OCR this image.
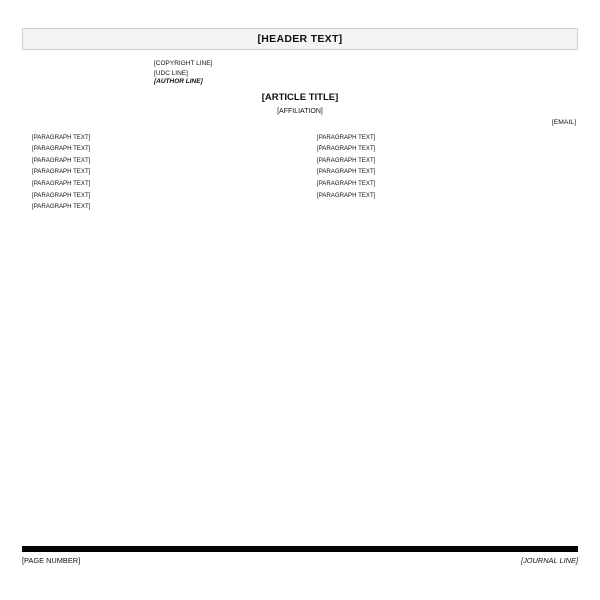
[HEADER TEXT]

[COPYRIGHT LINE]

[UDC LINE]

[AUTHOR LINE]

[ARTICLE TITLE]
[AFFILIATION]
[EMAIL]

[PARAGRAPH TEXT]

[PARAGRAPH TEXT]

[PARAGRAPH TEXT]

[PARAGRAPH TEXT]

[PARAGRAPH TEXT]

[PARAGRAPH TEXT]

[PARAGRAPH TEXT]

[PARAGRAPH TEXT]

[PARAGRAPH TEXT]

[PARAGRAPH TEXT]

[PARAGRAPH TEXT]

[PARAGRAPH TEXT]

[PARAGRAPH TEXT]

[PAGE NUMBER]	[JOURNAL LINE]
